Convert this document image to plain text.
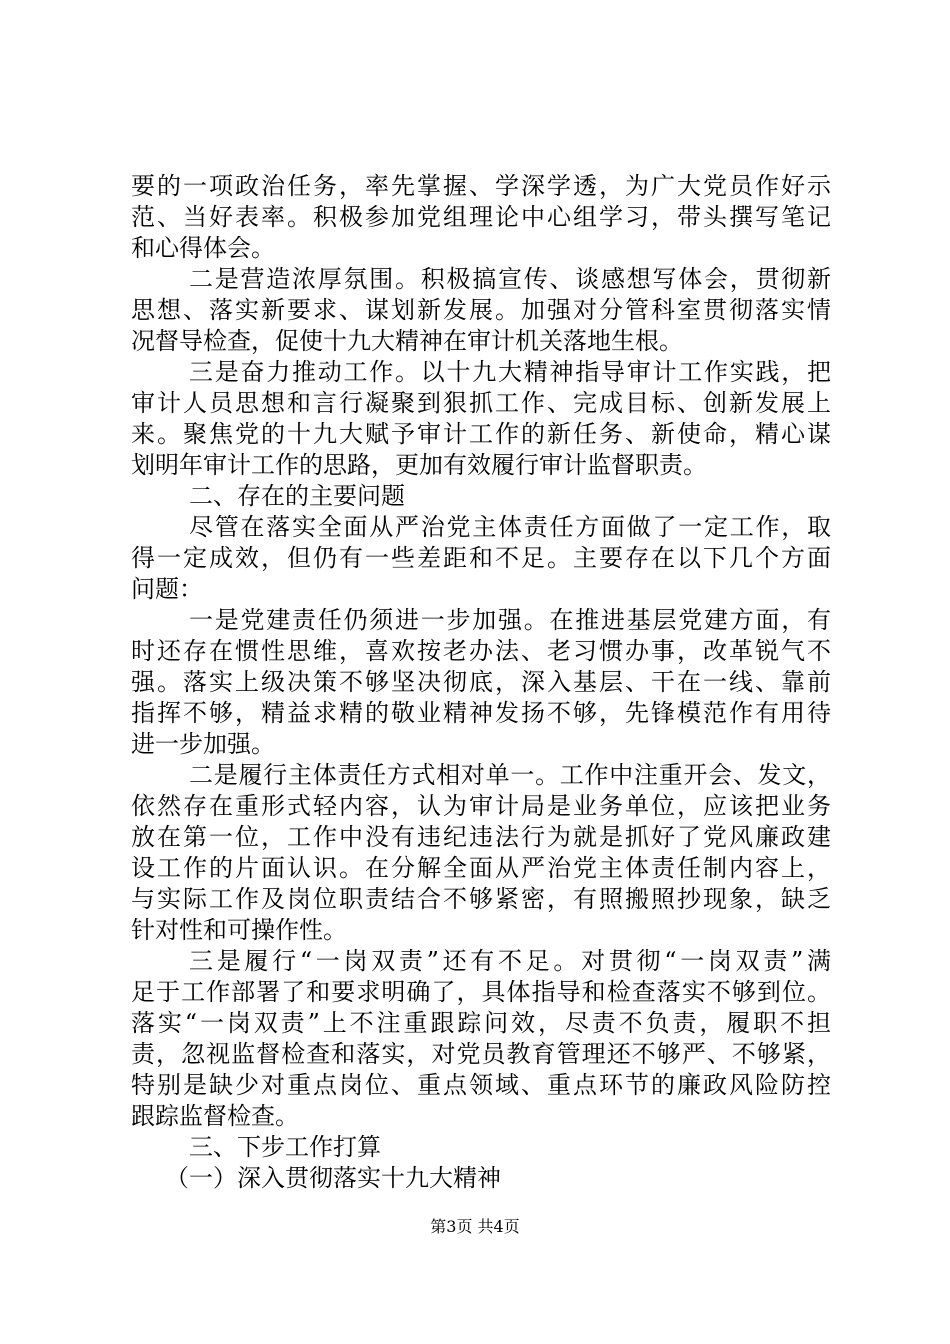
要的一项政治任务，率先掌握、学深学透，为广大党员作好示
范、当好表率。积极参加党组理论中心组学习，带头撰写笔记
和心得体会。
二是营造浓厚氛围。积极搞宣传、谈感想写体会，贯彻新
思想、落实新要求、谋划新发展。加强对分管科室贯彻落实情
况督导检查，促使十九大精神在审计机关落地生根。
三是奋力推动工作。以十九大精神指导审计工作实践，把
审计人员思想和言行凝聚到狠抓工作、完成目标、创新发展上
来。聚焦党的十九大赋予审计工作的新任务、新使命，精心谋
划明年审计工作的思路，更加有效履行审计监督职责。
二、存在的主要问题
尽管在落实全面从严治党主体责任方面做了一定工作，取
得一定成效，但仍有一些差距和不足。主要存在以下几个方面
问题：
一是党建责任仍须进一步加强。在推进基层党建方面，有
时还存在惯性思维，喜欢按老办法、老习惯办事，改革锐气不
强。落实上级决策不够坚决彻底，深入基层、干在一线、靠前
指挥不够，精益求精的敬业精神发扬不够，先锋模范作有用待
进一步加强。
二是履行主体责任方式相对单一。工作中注重开会、发文，
依然存在重形式轻内容，认为审计局是业务单位，应该把业务
放在第一位，工作中没有违纪违法行为就是抓好了党风廉政建
设工作的片面认识。在分解全面从严治党主体责任制内容上，
与实际工作及岗位职责结合不够紧密，有照搬照抄现象，缺乏
针对性和可操作性。
三是履行“一岗双责”还有不足。对贯彻“一岗双责”满
足于工作部署了和要求明确了，具体指导和检查落实不够到位。
落实“一岗双责”上不注重跟踪问效，尽责不负责，履职不担
责，忽视监督检查和落实，对党员教育管理还不够严、不够紧，
特别是缺少对重点岗位、重点领域、重点环节的廉政风险防控
跟踪监督检查。
三、下步工作打算
（一）深入贯彻落实十九大精神
第3页 共4页
